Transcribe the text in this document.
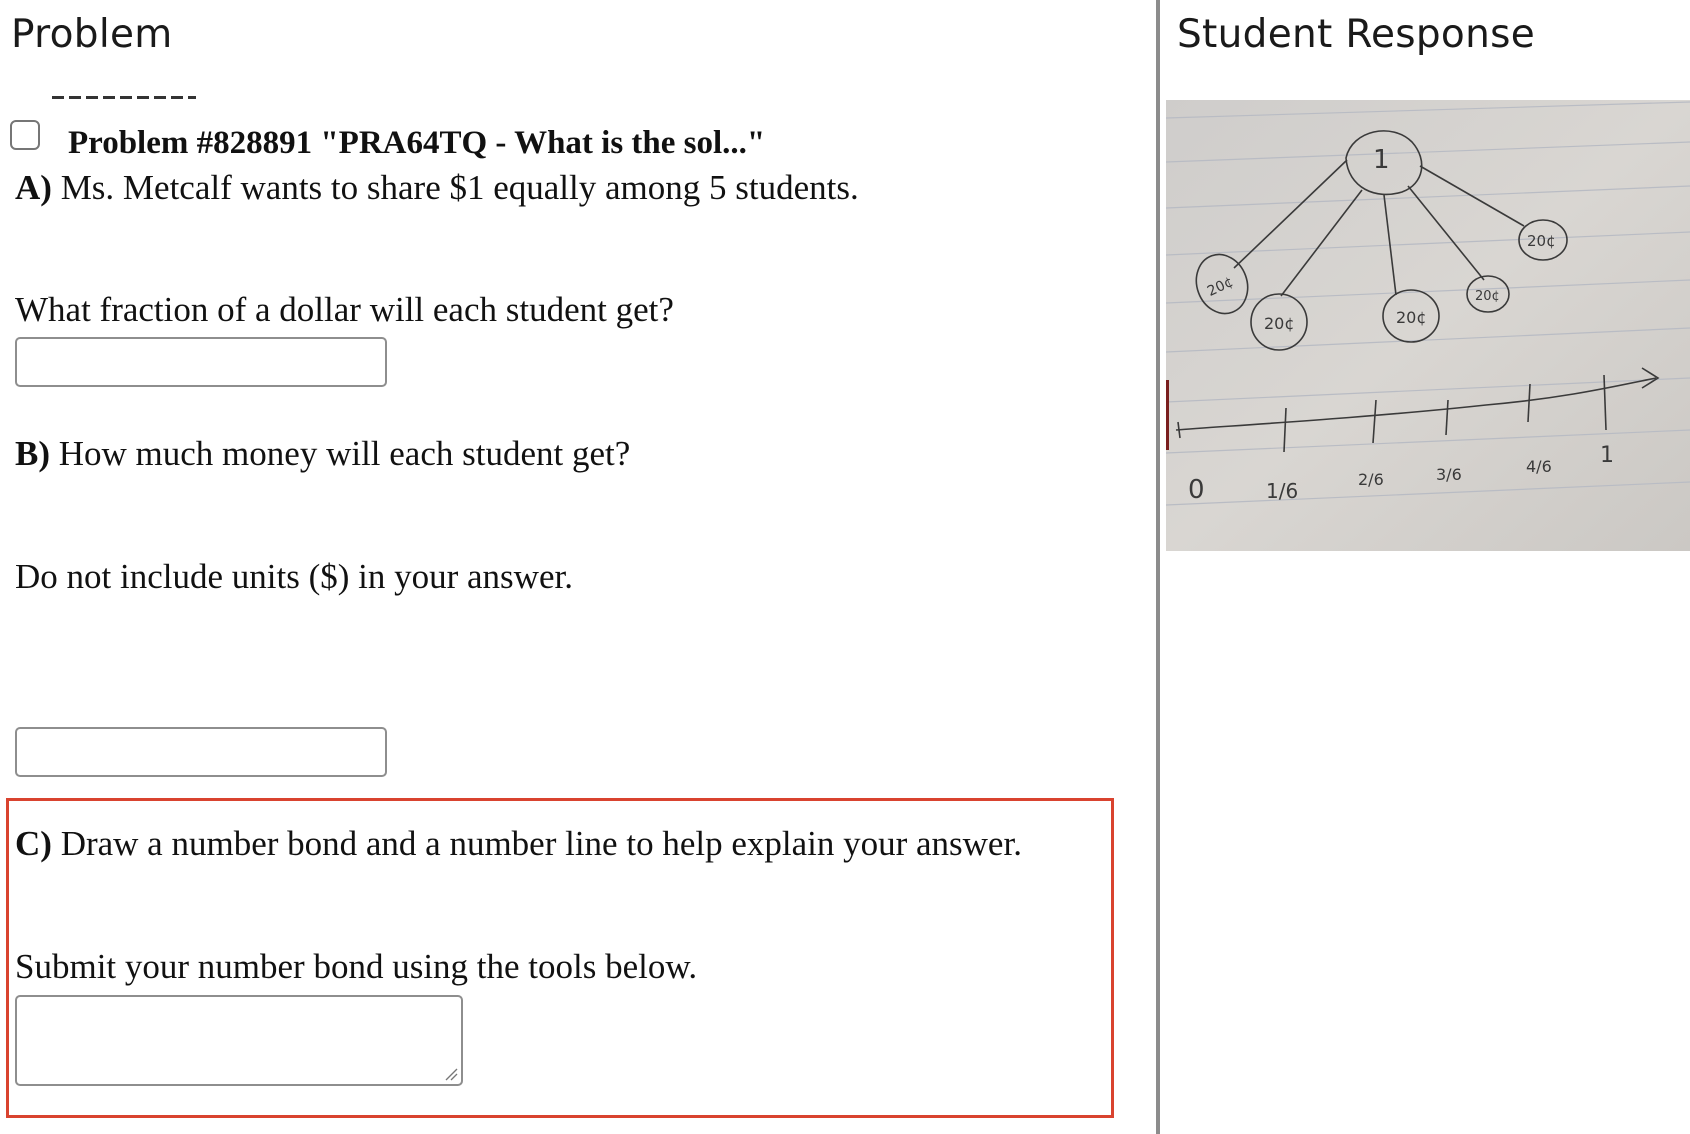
Problem
Problem #828891 "PRA64TQ - What is the sol..."
A) Ms. Metcalf wants to share $1 equally among 5 students.
What fraction of a dollar will each student get?
B) How much money will each student get?
Do not include units ($) in your answer.
C) Draw a number bond and a number line to help explain your answer.
Submit your number bond using the tools below.
Student Response
1
20¢
20¢	20¢
20¢
20¢
0	1/6	2/6	3/6	4/6 1
